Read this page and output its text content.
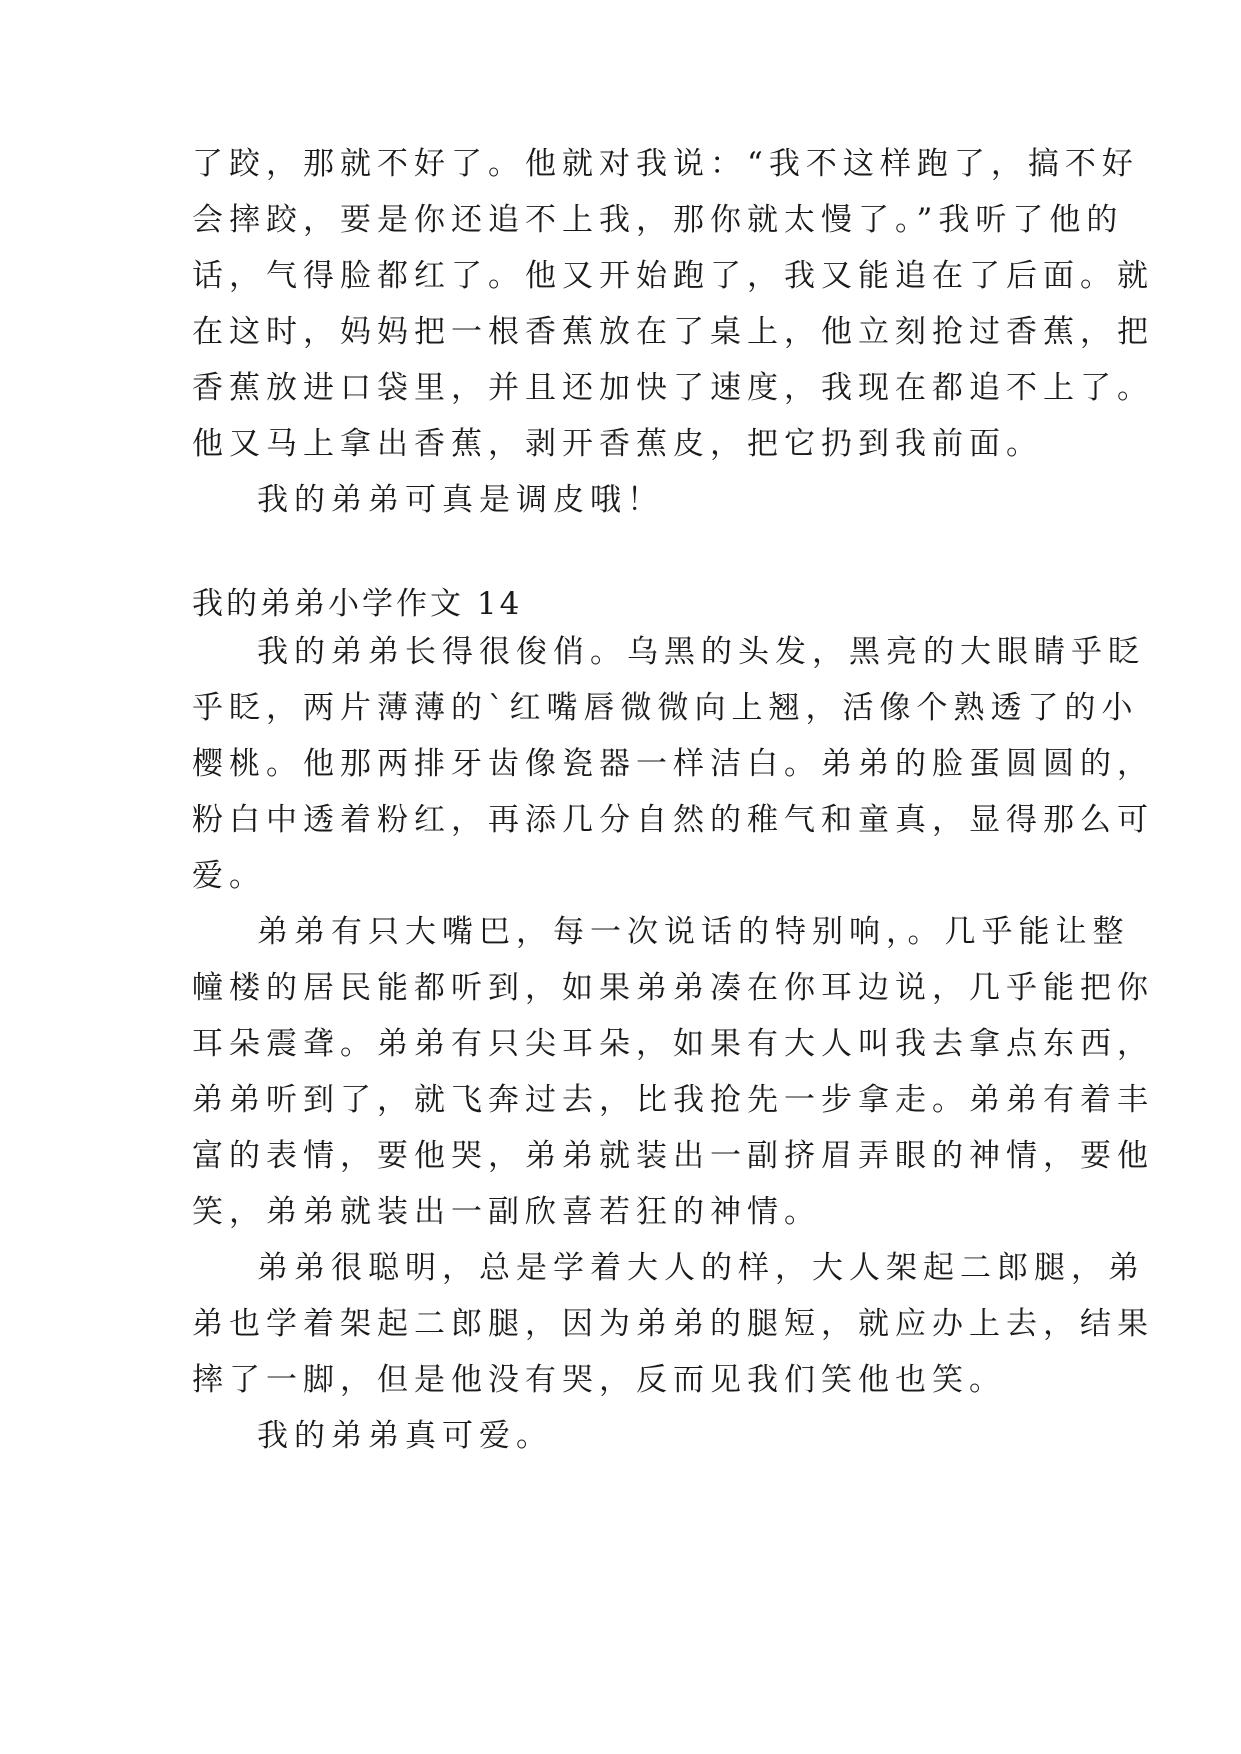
了跤，那就不好了。他就对我说：“我不这样跑了，搞不好
会摔跤，要是你还追不上我，那你就太慢了。”我听了他的
话，气得脸都红了。他又开始跑了，我又能追在了后面。就
在这时，妈妈把一根香蕉放在了桌上，他立刻抢过香蕉，把
香蕉放进口袋里，并且还加快了速度，我现在都追不上了。
他又马上拿出香蕉，剥开香蕉皮，把它扔到我前面。
我的弟弟可真是调皮哦！
我的弟弟小学作文 14
我的弟弟长得很俊俏。乌黑的头发，黑亮的大眼睛乎眨
乎眨，两片薄薄的`红嘴唇微微向上翘，活像个熟透了的小
樱桃。他那两排牙齿像瓷器一样洁白。弟弟的脸蛋圆圆的，
粉白中透着粉红，再添几分自然的稚气和童真，显得那么可
爱。
弟弟有只大嘴巴，每一次说话的特别响，。几乎能让整
幢楼的居民能都听到，如果弟弟凑在你耳边说，几乎能把你
耳朵震聋。弟弟有只尖耳朵，如果有大人叫我去拿点东西，
弟弟听到了，就飞奔过去，比我抢先一步拿走。弟弟有着丰
富的表情，要他哭，弟弟就装出一副挤眉弄眼的神情，要他
笑，弟弟就装出一副欣喜若狂的神情。
弟弟很聪明，总是学着大人的样，大人架起二郎腿，弟
弟也学着架起二郎腿，因为弟弟的腿短，就应办上去，结果
摔了一脚，但是他没有哭，反而见我们笑他也笑。
我的弟弟真可爱。
